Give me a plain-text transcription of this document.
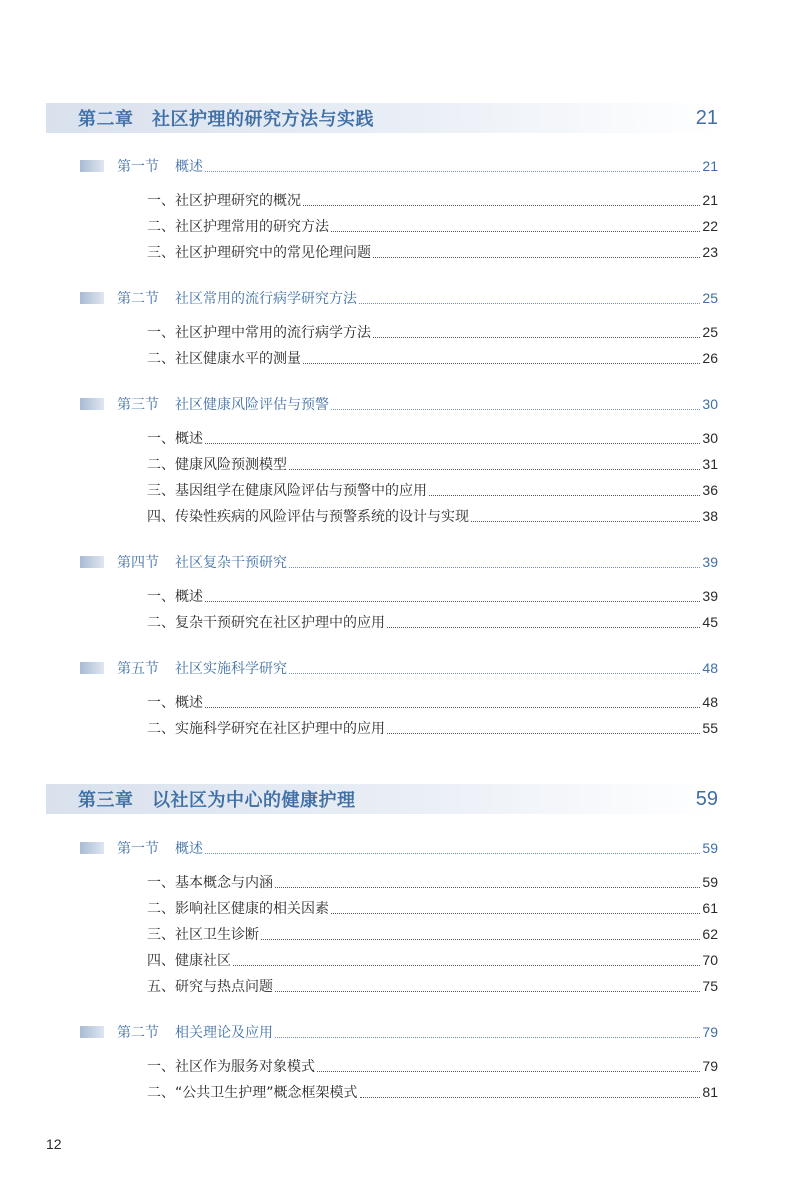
第二章　社区护理的研究方法与实践	21
第一节 概述	21
一、社区护理研究的概况	21
二、社区护理常用的研究方法	22
三、社区护理研究中的常见伦理问题	23
第二节 社区常用的流行病学研究方法	25
一、社区护理中常用的流行病学方法	25
二、社区健康水平的测量	26
第三节 社区健康风险评估与预警	30
一、概述	30
二、健康风险预测模型	31
三、基因组学在健康风险评估与预警中的应用	36
四、传染性疾病的风险评估与预警系统的设计与实现	38
第四节 社区复杂干预研究	39
一、概述	39
二、复杂干预研究在社区护理中的应用	45
第五节 社区实施科学研究	48
一、概述	48
二、实施科学研究在社区护理中的应用	55
第三章　以社区为中心的健康护理	59
第一节 概述	59
一、基本概念与内涵	59
二、影响社区健康的相关因素	61
三、社区卫生诊断	62
四、健康社区	70
五、研究与热点问题	75
第二节 相关理论及应用	79
一、社区作为服务对象模式	79
二、“公共卫生护理”概念框架模式	81
12
